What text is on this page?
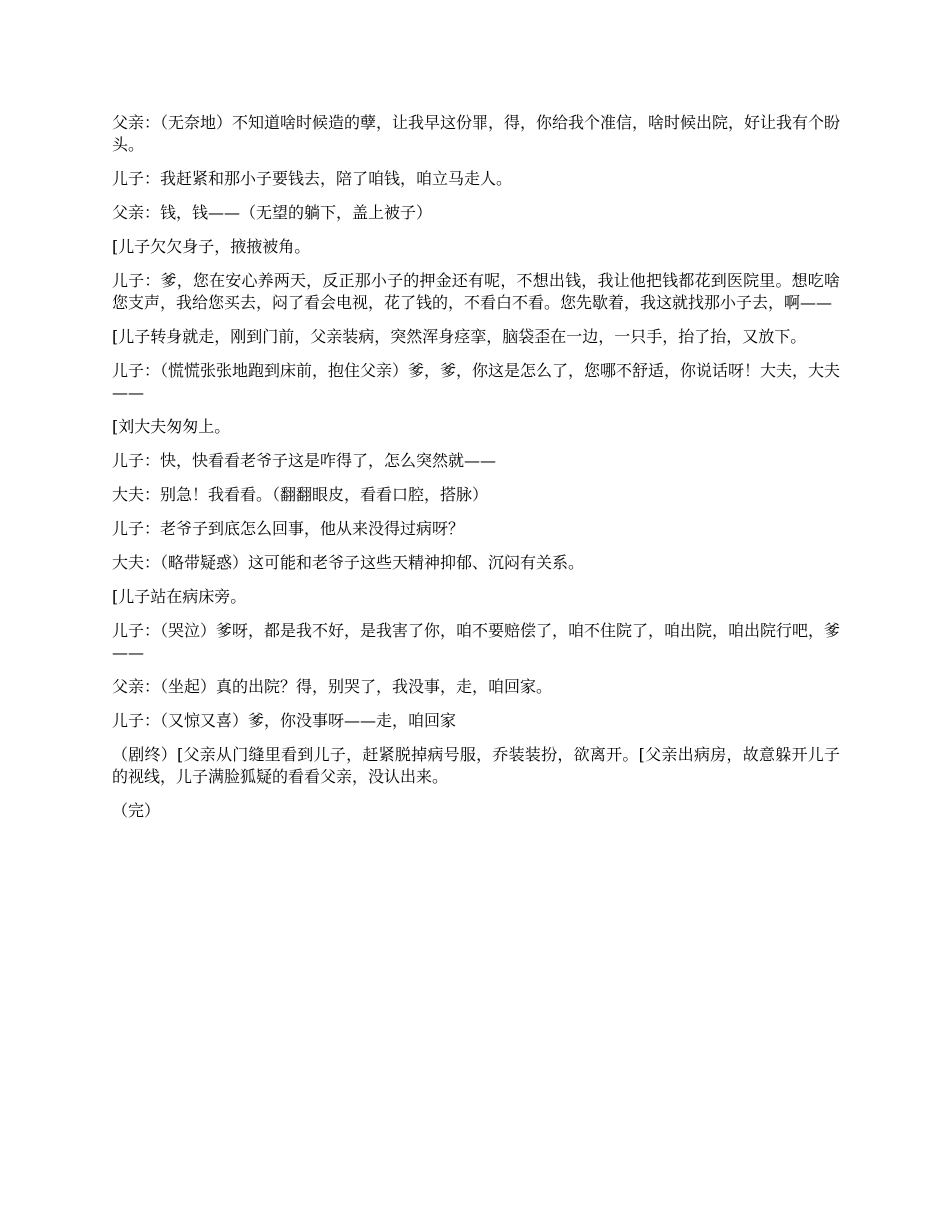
父亲：（无奈地）不知道啥时候造的孽，让我早这份罪，得，你给我个准信，啥时候出院，好让我有个盼头。

儿子：我赶紧和那小子要钱去，陪了咱钱，咱立马走人。

父亲：钱，钱——（无望的躺下，盖上被子）

[儿子欠欠身子，掖掖被角。

儿子：爹，您在安心养两天，反正那小子的押金还有呢，不想出钱，我让他把钱都花到医院里。想吃啥您支声，我给您买去，闷了看会电视，花了钱的，不看白不看。您先歇着，我这就找那小子去，啊——

[儿子转身就走，刚到门前，父亲装病，突然浑身痉挛，脑袋歪在一边，一只手，抬了抬，又放下。

儿子：（慌慌张张地跑到床前，抱住父亲）爹，爹，你这是怎么了，您哪不舒适，你说话呀！大夫，大夫——

[刘大夫匆匆上。

儿子：快，快看看老爷子这是咋得了，怎么突然就——

大夫：别急！我看看。（翻翻眼皮，看看口腔，搭脉）

儿子：老爷子到底怎么回事，他从来没得过病呀？

大夫：（略带疑惑）这可能和老爷子这些天精神抑郁、沉闷有关系。

[儿子站在病床旁。

儿子：（哭泣）爹呀，都是我不好，是我害了你，咱不要赔偿了，咱不住院了，咱出院，咱出院行吧，爹——

父亲：（坐起）真的出院？得，别哭了，我没事，走，咱回家。

儿子：（又惊又喜）爹，你没事呀——走，咱回家

（剧终）[父亲从门缝里看到儿子，赶紧脱掉病号服，乔装装扮，欲离开。[父亲出病房，故意躲开儿子的视线，儿子满脸狐疑的看看父亲，没认出来。

（完）
